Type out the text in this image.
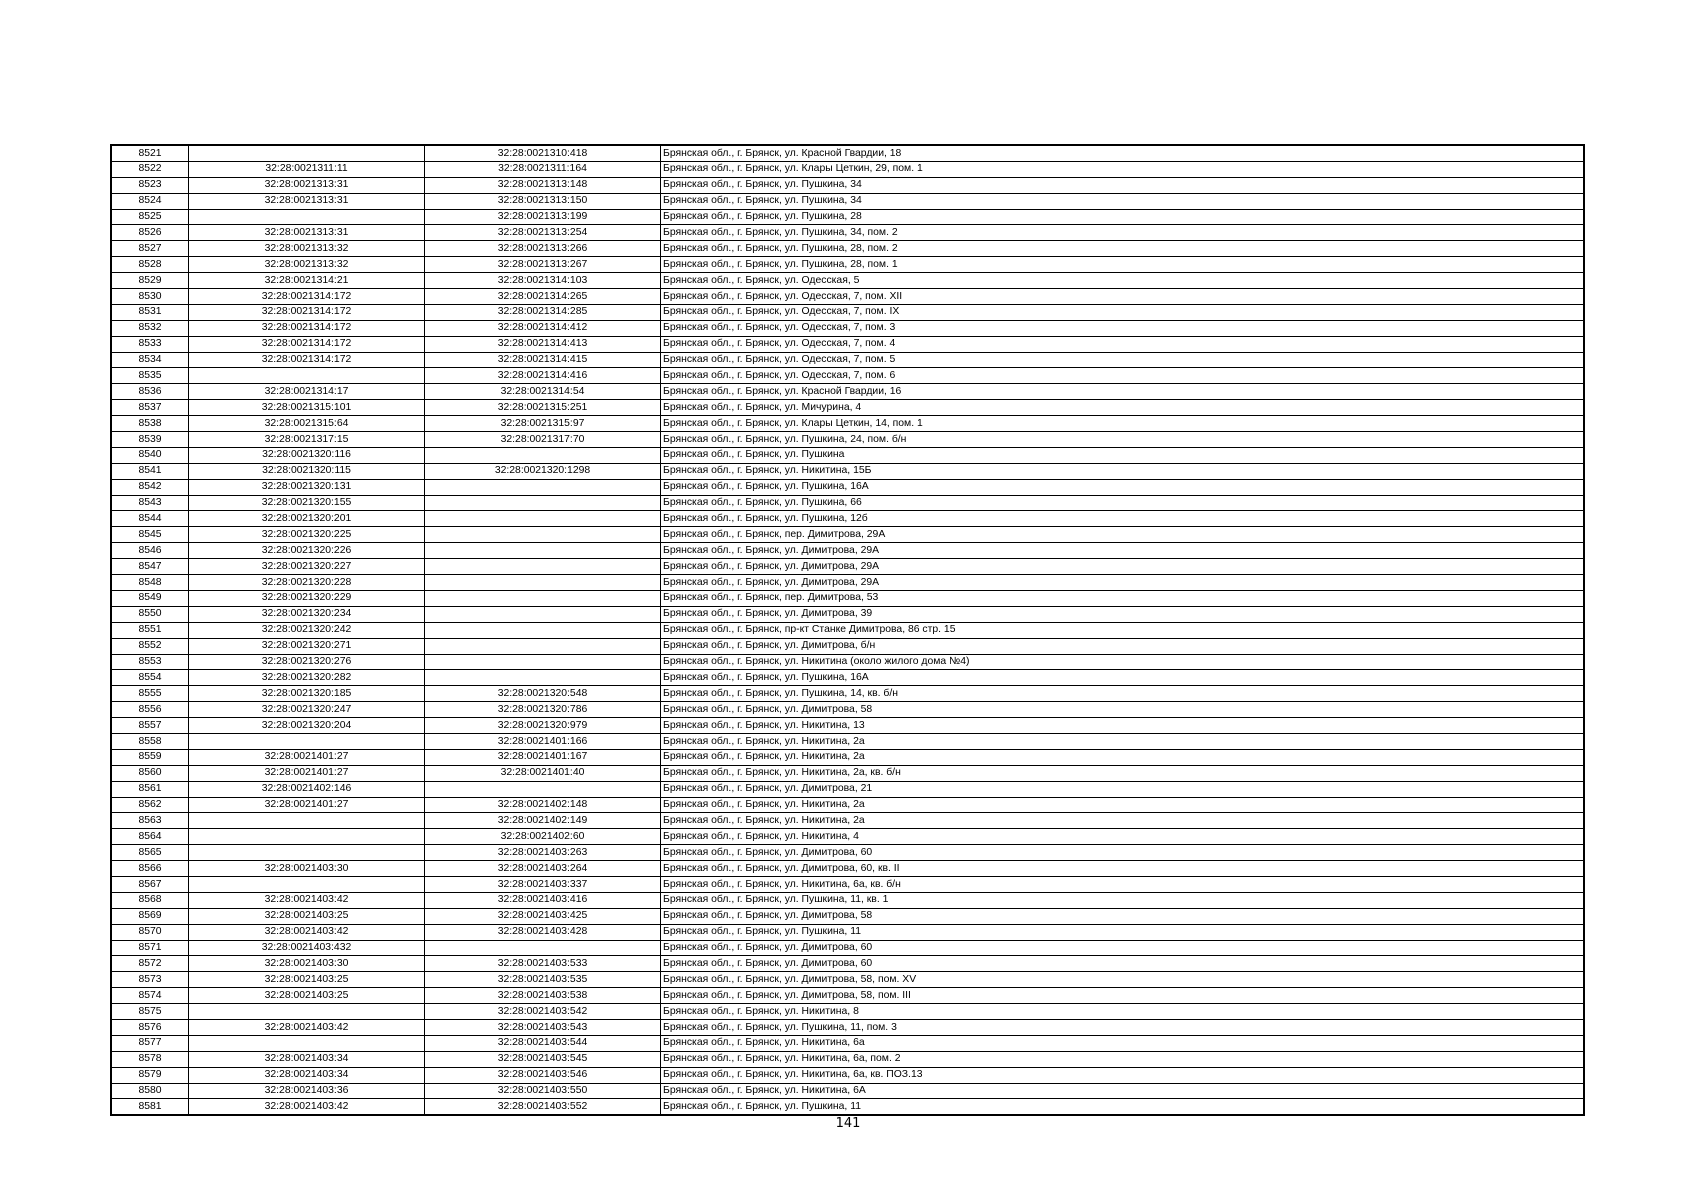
8521		32:28:0021310:418	Брянская обл., г. Брянск, ул. Красной Гвардии, 18
8522	32:28:0021311:11	32:28:0021311:164	Брянская обл., г. Брянск, ул. Клары Цеткин, 29, пом. 1
8523	32:28:0021313:31	32:28:0021313:148	Брянская обл., г. Брянск, ул. Пушкина, 34
8524	32:28:0021313:31	32:28:0021313:150	Брянская обл., г. Брянск, ул. Пушкина, 34
8525		32:28:0021313:199	Брянская обл., г. Брянск, ул. Пушкина, 28
8526	32:28:0021313:31	32:28:0021313:254	Брянская обл., г. Брянск, ул. Пушкина, 34, пом. 2
8527	32:28:0021313:32	32:28:0021313:266	Брянская обл., г. Брянск, ул. Пушкина, 28, пом. 2
8528	32:28:0021313:32	32:28:0021313:267	Брянская обл., г. Брянск, ул. Пушкина, 28, пом. 1
8529	32:28:0021314:21	32:28:0021314:103	Брянская обл., г. Брянск, ул. Одесская, 5
8530	32:28:0021314:172	32:28:0021314:265	Брянская обл., г. Брянск, ул. Одесская, 7, пом. XII
8531	32:28:0021314:172	32:28:0021314:285	Брянская обл., г. Брянск, ул. Одесская, 7, пом. IX
8532	32:28:0021314:172	32:28:0021314:412	Брянская обл., г. Брянск, ул. Одесская, 7, пом. 3
8533	32:28:0021314:172	32:28:0021314:413	Брянская обл., г. Брянск, ул. Одесская, 7, пом. 4
8534	32:28:0021314:172	32:28:0021314:415	Брянская обл., г. Брянск, ул. Одесская, 7, пом. 5
8535		32:28:0021314:416	Брянская обл., г. Брянск, ул. Одесская, 7, пом. 6
8536	32:28:0021314:17	32:28:0021314:54	Брянская обл., г. Брянск, ул. Красной Гвардии, 16
8537	32:28:0021315:101	32:28:0021315:251	Брянская обл., г. Брянск, ул. Мичурина, 4
8538	32:28:0021315:64	32:28:0021315:97	Брянская обл., г. Брянск, ул. Клары Цеткин, 14, пом. 1
8539	32:28:0021317:15	32:28:0021317:70	Брянская обл., г. Брянск, ул. Пушкина, 24, пом. б/н
8540	32:28:0021320:116		Брянская обл., г. Брянск, ул. Пушкина
8541	32:28:0021320:115	32:28:0021320:1298	Брянская обл., г. Брянск, ул. Никитина, 15Б
8542	32:28:0021320:131		Брянская обл., г. Брянск, ул. Пушкина, 16А
8543	32:28:0021320:155		Брянская обл., г. Брянск, ул. Пушкина, 66
8544	32:28:0021320:201		Брянская обл., г. Брянск, ул. Пушкина, 12б
8545	32:28:0021320:225		Брянская обл., г. Брянск, пер. Димитрова, 29А
8546	32:28:0021320:226		Брянская обл., г. Брянск, ул. Димитрова, 29А
8547	32:28:0021320:227		Брянская обл., г. Брянск, ул. Димитрова, 29А
8548	32:28:0021320:228		Брянская обл., г. Брянск, ул. Димитрова, 29А
8549	32:28:0021320:229		Брянская обл., г. Брянск, пер. Димитрова, 53
8550	32:28:0021320:234		Брянская обл., г. Брянск, ул. Димитрова, 39
8551	32:28:0021320:242		Брянская обл., г. Брянск, пр-кт Станке Димитрова, 86 стр. 15
8552	32:28:0021320:271		Брянская обл., г. Брянск, ул. Димитрова, б/н
8553	32:28:0021320:276		Брянская обл., г. Брянск, ул. Никитина (около жилого дома №4)
8554	32:28:0021320:282		Брянская обл., г. Брянск, ул. Пушкина, 16А
8555	32:28:0021320:185	32:28:0021320:548	Брянская обл., г. Брянск, ул. Пушкина, 14, кв. б/н
8556	32:28:0021320:247	32:28:0021320:786	Брянская обл., г. Брянск, ул. Димитрова, 58
8557	32:28:0021320:204	32:28:0021320:979	Брянская обл., г. Брянск, ул. Никитина, 13
8558		32:28:0021401:166	Брянская обл., г. Брянск, ул. Никитина, 2а
8559	32:28:0021401:27	32:28:0021401:167	Брянская обл., г. Брянск, ул. Никитина, 2а
8560	32:28:0021401:27	32:28:0021401:40	Брянская обл., г. Брянск, ул. Никитина, 2а, кв. б/н
8561	32:28:0021402:146		Брянская обл., г. Брянск, ул. Димитрова, 21
8562	32:28:0021401:27	32:28:0021402:148	Брянская обл., г. Брянск, ул. Никитина, 2а
8563		32:28:0021402:149	Брянская обл., г. Брянск, ул. Никитина, 2а
8564		32:28:0021402:60	Брянская обл., г. Брянск, ул. Никитина, 4
8565		32:28:0021403:263	Брянская обл., г. Брянск, ул. Димитрова, 60
8566	32:28:0021403:30	32:28:0021403:264	Брянская обл., г. Брянск, ул. Димитрова, 60, кв. II
8567		32:28:0021403:337	Брянская обл., г. Брянск, ул. Никитина, 6а, кв. б/н
8568	32:28:0021403:42	32:28:0021403:416	Брянская обл., г. Брянск, ул. Пушкина, 11, кв. 1
8569	32:28:0021403:25	32:28:0021403:425	Брянская обл., г. Брянск, ул. Димитрова, 58
8570	32:28:0021403:42	32:28:0021403:428	Брянская обл., г. Брянск, ул. Пушкина, 11
8571	32:28:0021403:432		Брянская обл., г. Брянск, ул. Димитрова, 60
8572	32:28:0021403:30	32:28:0021403:533	Брянская обл., г. Брянск, ул. Димитрова, 60
8573	32:28:0021403:25	32:28:0021403:535	Брянская обл., г. Брянск, ул. Димитрова, 58, пом. XV
8574	32:28:0021403:25	32:28:0021403:538	Брянская обл., г. Брянск, ул. Димитрова, 58, пом. III
8575		32:28:0021403:542	Брянская обл., г. Брянск, ул. Никитина, 8
8576	32:28:0021403:42	32:28:0021403:543	Брянская обл., г. Брянск, ул. Пушкина, 11, пом. 3
8577		32:28:0021403:544	Брянская обл., г. Брянск, ул. Никитина, 6а
8578	32:28:0021403:34	32:28:0021403:545	Брянская обл., г. Брянск, ул. Никитина, 6а, пом. 2
8579	32:28:0021403:34	32:28:0021403:546	Брянская обл., г. Брянск, ул. Никитина, 6а, кв. ПОЗ.13
8580	32:28:0021403:36	32:28:0021403:550	Брянская обл., г. Брянск, ул. Никитина, 6А
8581	32:28:0021403:42	32:28:0021403:552	Брянская обл., г. Брянск, ул. Пушкина, 11
141
